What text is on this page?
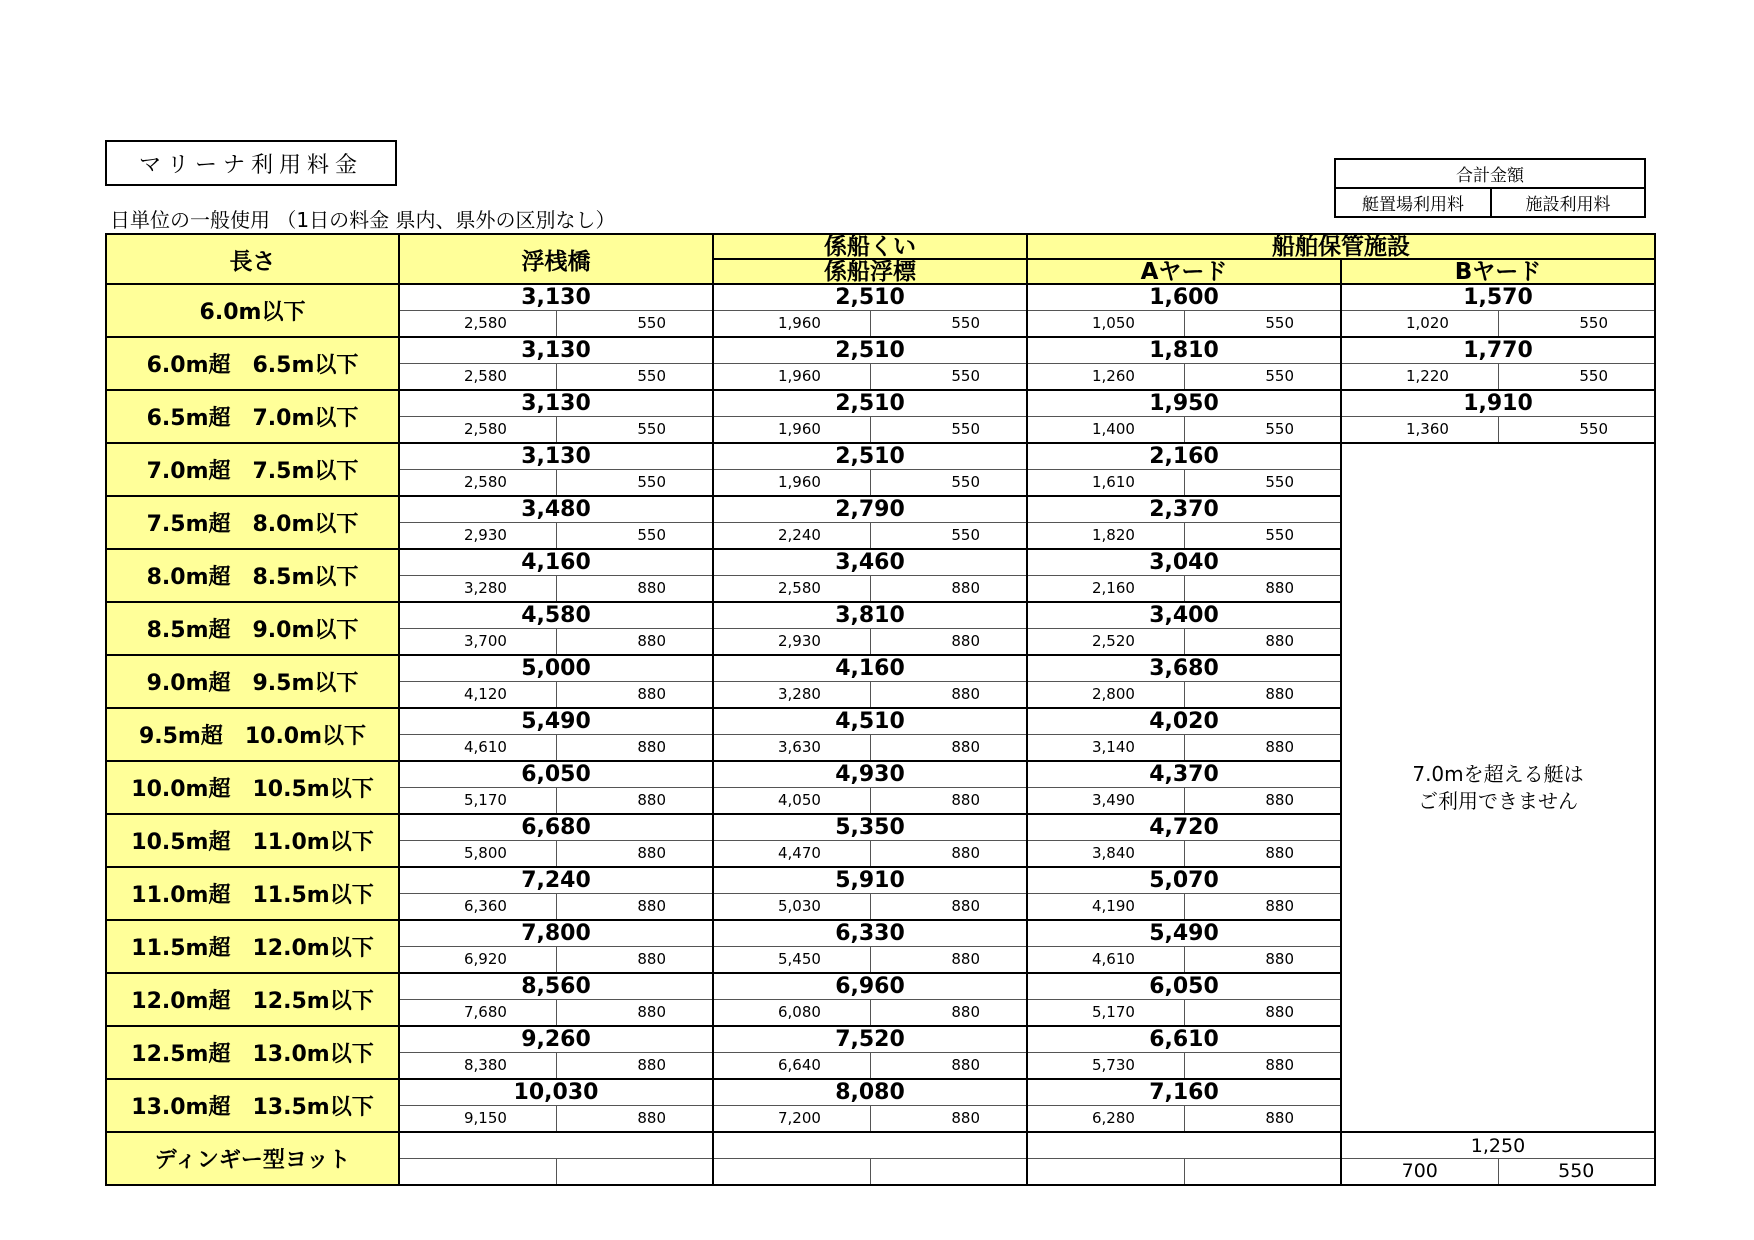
マリーナ利用料金
日単位の一般使用 （1日の料金 県内、県外の区別なし）
合計金額
艇置場利用料	施設利用料
長さ	浮桟橋		係船くい		船舶保管施設			
			係船浮標		Aヤード		Bヤード	
6.0m以下	3,130		2,510		1,600		1,570	
	2,580	550	1,960	550	1,050	550	1,020	550
6.0m超　6.5m以下	3,130		2,510		1,810		1,770	
	2,580	550	1,960	550	1,260	550	1,220	550
6.5m超　7.0m以下	3,130		2,510		1,950		1,910	
	2,580	550	1,960	550	1,400	550	1,360	550
7.0m超　7.5m以下	3,130		2,510		2,160		7.0mを超える艇は
ご利用できません	

	2,580	550	1,960	550	1,610	550		
7.5m超　8.0m以下	3,480		2,790		2,370			
	2,930	550	2,240	550	1,820	550		
8.0m超　8.5m以下	4,160		3,460		3,040			
	3,280	880	2,580	880	2,160	880		
8.5m超　9.0m以下	4,580		3,810		3,400			
	3,700	880	2,930	880	2,520	880		
9.0m超　9.5m以下	5,000		4,160		3,680			
	4,120	880	3,280	880	2,800	880		
9.5m超　10.0m以下	5,490		4,510		4,020			
	4,610	880	3,630	880	3,140	880		
10.0m超　10.5m以下	6,050		4,930		4,370			
	5,170	880	4,050	880	3,490	880		
10.5m超　11.0m以下	6,680		5,350		4,720			
	5,800	880	4,470	880	3,840	880		
11.0m超　11.5m以下	7,240		5,910		5,070			
	6,360	880	5,030	880	4,190	880		
11.5m超　12.0m以下	7,800		6,330		5,490			
	6,920	880	5,450	880	4,610	880		
12.0m超　12.5m以下	8,560		6,960		6,050			
	7,680	880	6,080	880	5,170	880		
12.5m超　13.0m以下	9,260		7,520		6,610			
	8,380	880	6,640	880	5,730	880		
13.0m超　13.5m以下	10,030		8,080		7,160			
	9,150	880	7,200	880	6,280	880		
ディンギー型ヨット							1,250	
							700	550
